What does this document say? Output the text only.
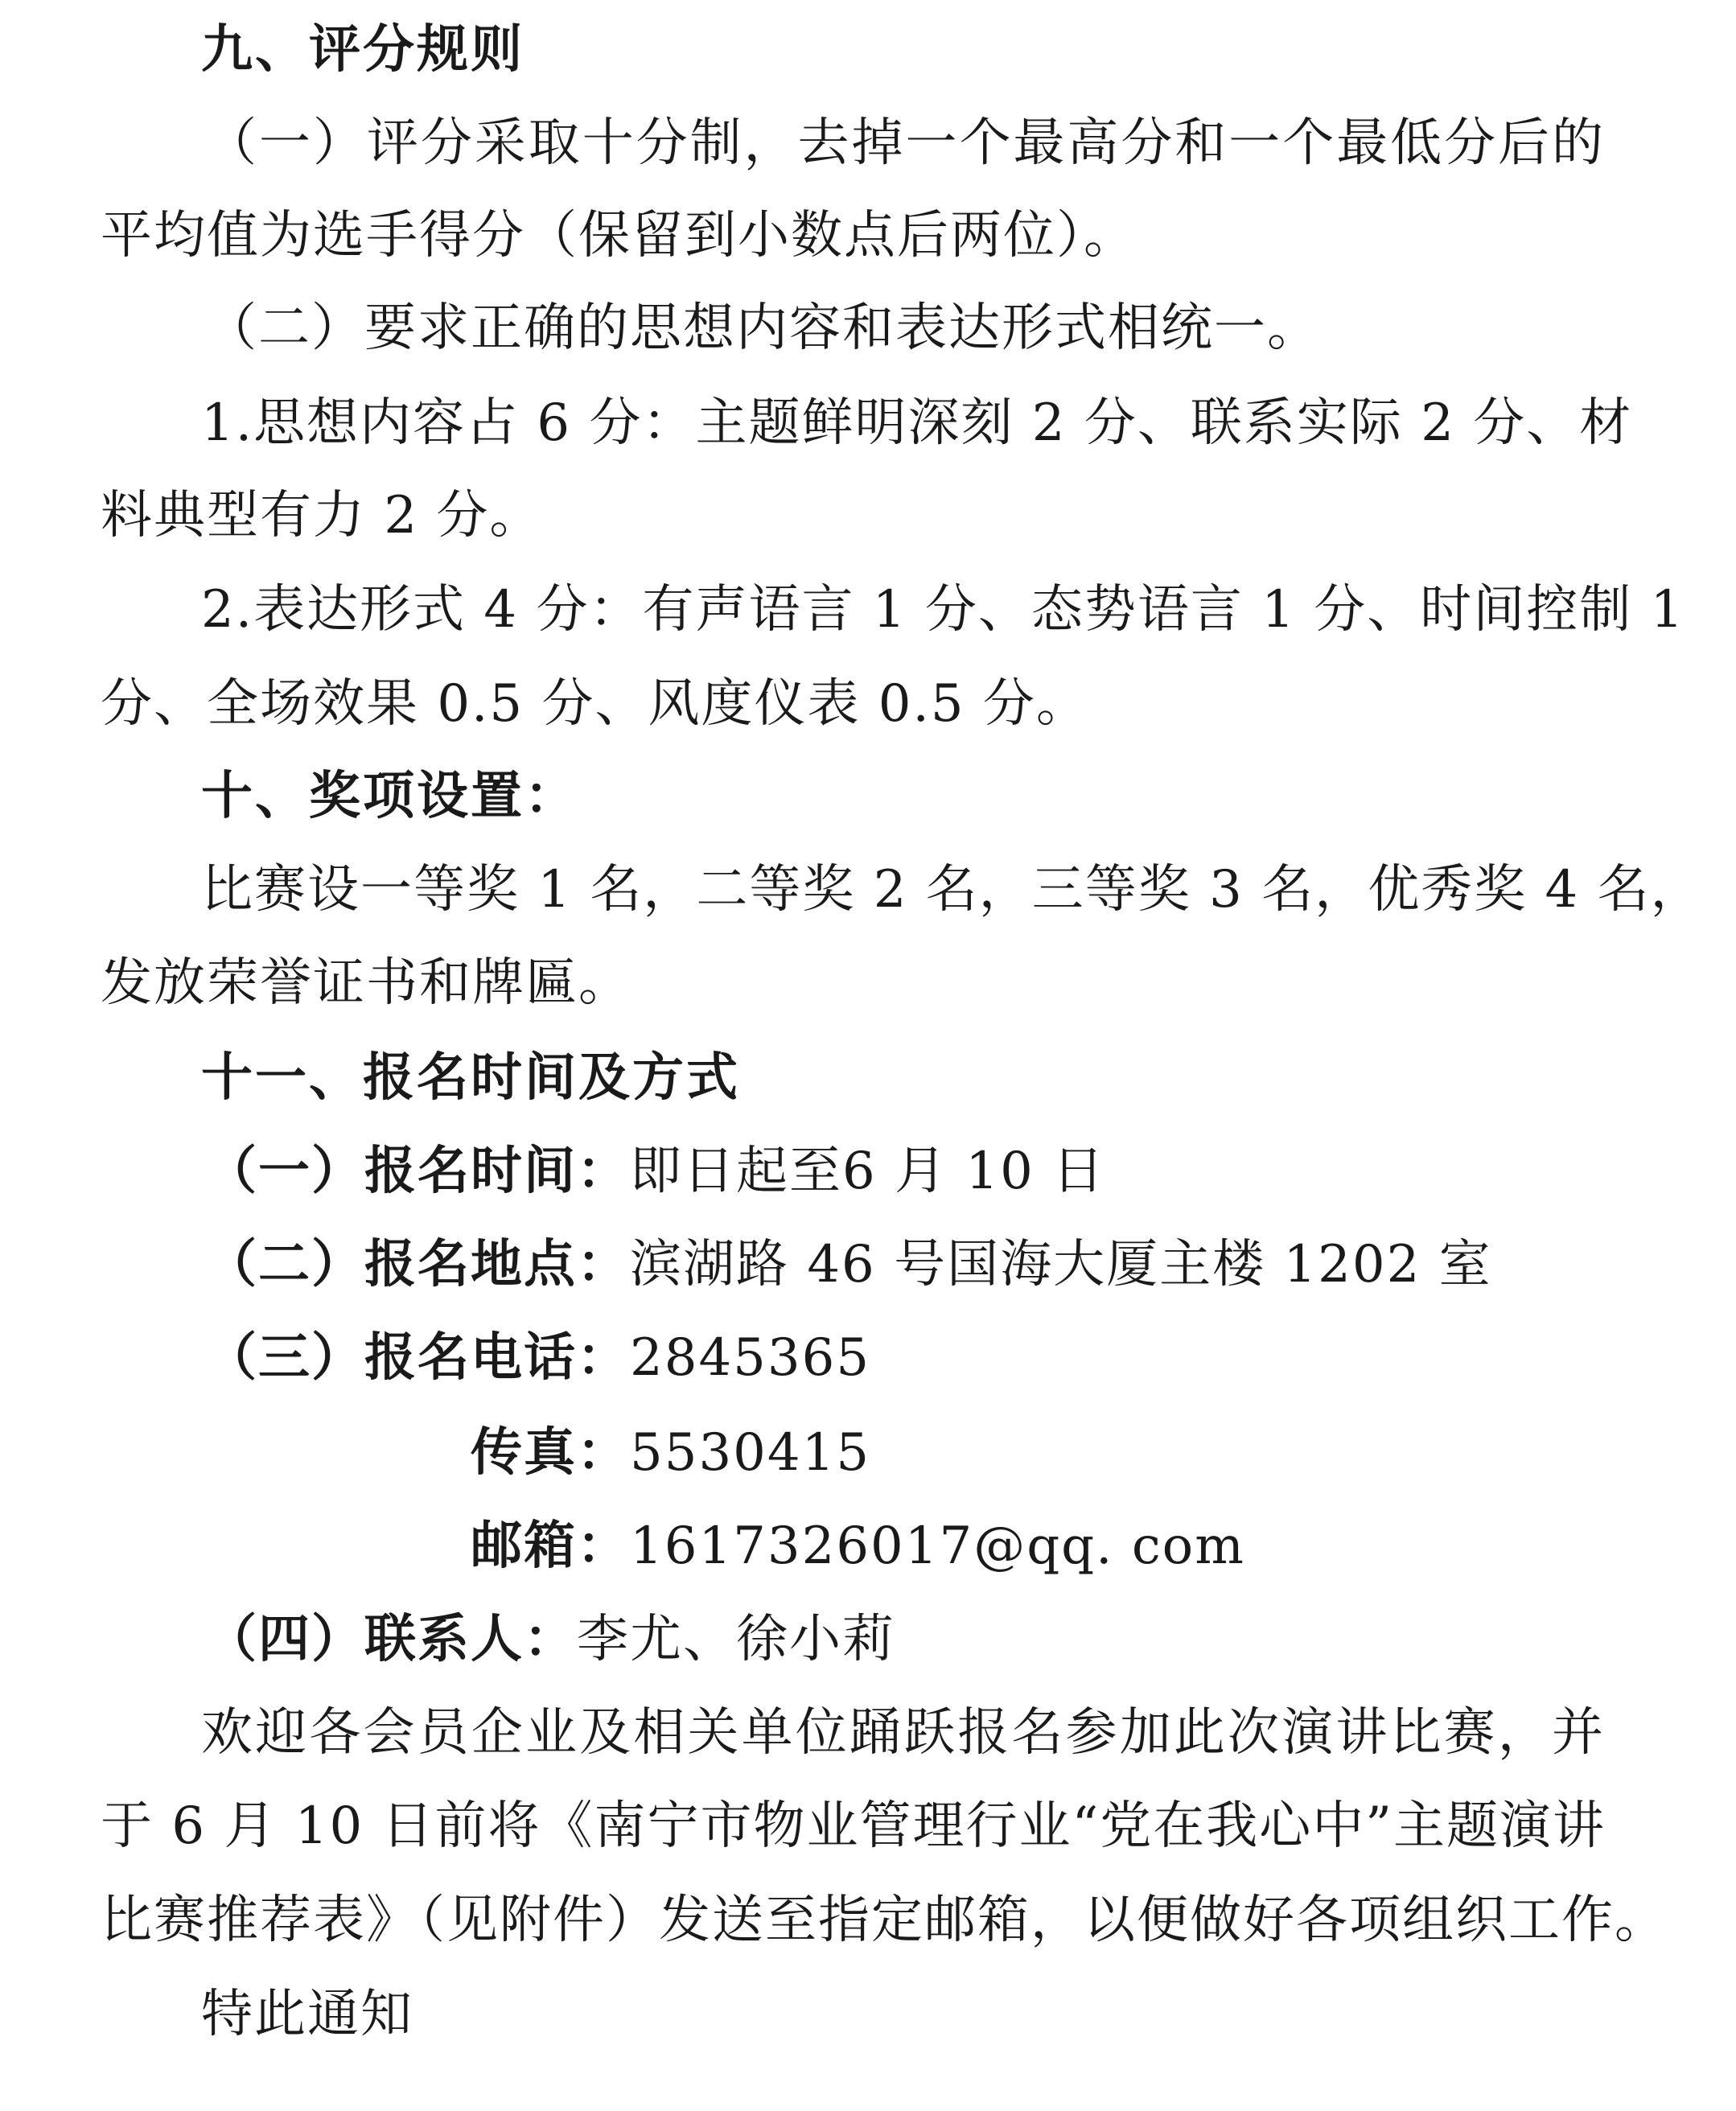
九、评分规则
（一）评分采取十分制，去掉一个最高分和一个最低分后的
平均值为选手得分（保留到小数点后两位）。
（二）要求正确的思想内容和表达形式相统一。
1.思想内容占 6 分：主题鲜明深刻 2 分、联系实际 2 分、材
料典型有力 2 分。
2.表达形式 4 分：有声语言 1 分、态势语言 1 分、时间控制 1
分、全场效果 0.5 分、风度仪表 0.5 分。
十、奖项设置：
比赛设一等奖 1 名，二等奖 2 名，三等奖 3 名，优秀奖 4 名，
发放荣誉证书和牌匾。
十一、报名时间及方式
（一）报名时间：即日起至6 月 10 日
（二）报名地点：滨湖路 46 号国海大厦主楼 1202 室
（三）报名电话：2845365
传真：5530415
邮箱：1617326017@qq. com
（四）联系人：李尤、徐小莉
欢迎各会员企业及相关单位踊跃报名参加此次演讲比赛，并
于 6 月 10 日前将《南宁市物业管理行业“党在我心中”主题演讲
比赛推荐表》（见附件）发送至指定邮箱，以便做好各项组织工作。
特此通知
